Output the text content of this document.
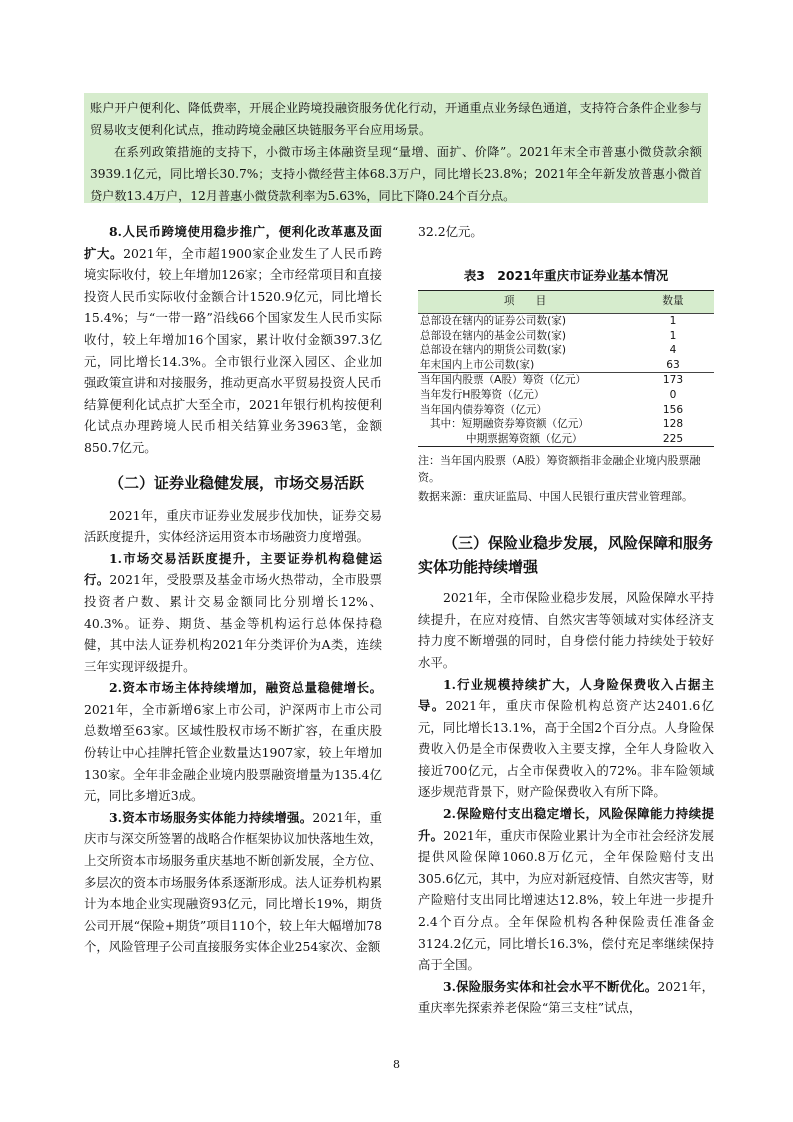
账户开户便利化、降低费率，开展企业跨境投融资服务优化行动，开通重点业务绿色通道，支持符合条件企业参与贸易收支便利化试点，推动跨境金融区块链服务平台应用场景。

在系列政策措施的支持下，小微市场主体融资呈现“量增、面扩、价降”。2021年末全市普惠小微贷款余额3939.1亿元，同比增长30.7%；支持小微经营主体68.3万户，同比增长23.8%；2021年全年新发放普惠小微首贷户数13.4万户，12月普惠小微贷款利率为5.63%，同比下降0.24个百分点。

8.人民币跨境使用稳步推广，便利化改革惠及面扩大。2021年，全市超1900家企业发生了人民币跨境实际收付，较上年增加126家；全市经常项目和直接投资人民币实际收付金额合计1520.9亿元，同比增长15.4%；与“一带一路”沿线66个国家发生人民币实际收付，较上年增加16个国家，累计收付金额397.3亿元，同比增长14.3%。全市银行业深入园区、企业加强政策宣讲和对接服务，推动更高水平贸易投资人民币结算便利化试点扩大至全市，2021年银行机构按便利化试点办理跨境人民币相关结算业务3963笔，金额850.7亿元。

（二）证券业稳健发展，市场交易活跃

2021年，重庆市证券业发展步伐加快，证券交易活跃度提升，实体经济运用资本市场融资力度增强。

1.市场交易活跃度提升，主要证券机构稳健运行。2021年，受股票及基金市场火热带动，全市股票投资者户数、累计交易金额同比分别增长12%、40.3%。证券、期货、基金等机构运行总体保持稳健，其中法人证券机构2021年分类评价为A类，连续三年实现评级提升。

2.资本市场主体持续增加，融资总量稳健增长。2021年，全市新增6家上市公司，沪深两市上市公司总数增至63家。区域性股权市场不断扩容，在重庆股份转让中心挂牌托管企业数量达1907家，较上年增加130家。全年非金融企业境内股票融资增量为135.4亿元，同比多增近3成。

3.资本市场服务实体能力持续增强。2021年，重庆市与深交所签署的战略合作框架协议加快落地生效，上交所资本市场服务重庆基地不断创新发展，全方位、多层次的资本市场服务体系逐渐形成。法人证券机构累计为本地企业实现融资93亿元，同比增长19%，期货公司开展“保险+期货”项目110个，较上年大幅增加78个，风险管理子公司直接服务实体企业254家次、金额

32.2亿元。

表3　2021年重庆市证券业基本情况
项　　目	数量
总部设在辖内的证券公司数(家)	1
总部设在辖内的基金公司数(家)	1
总部设在辖内的期货公司数(家)	4
年末国内上市公司数(家)	63
当年国内股票（A股）筹资（亿元）	173
当年发行H股筹资（亿元）	0
当年国内债券筹资（亿元）	156
其中：短期融资券筹资额（亿元）	128
中期票据筹资额（亿元）	225
注：当年国内股票（A股）筹资额指非金融企业境内股票融资。
数据来源：重庆证监局、中国人民银行重庆营业管理部。
（三）保险业稳步发展，风险保障和服务实体功能持续增强

2021年，全市保险业稳步发展，风险保障水平持续提升，在应对疫情、自然灾害等领域对实体经济支持力度不断增强的同时，自身偿付能力持续处于较好水平。

1.行业规模持续扩大，人身险保费收入占据主导。2021年，重庆市保险机构总资产达2401.6亿元，同比增长13.1%，高于全国2个百分点。人身险保费收入仍是全市保费收入主要支撑，全年人身险收入接近700亿元，占全市保费收入的72%。非车险领域逐步规范背景下，财产险保费收入有所下降。

2.保险赔付支出稳定增长，风险保障能力持续提升。2021年，重庆市保险业累计为全市社会经济发展提供风险保障1060.8万亿元，全年保险赔付支出305.6亿元，其中，为应对新冠疫情、自然灾害等，财产险赔付支出同比增速达12.8%，较上年进一步提升2.4个百分点。全年保险机构各种保险责任准备金3124.2亿元，同比增长16.3%，偿付充足率继续保持高于全国。

3.保险服务实体和社会水平不断优化。2021年，重庆率先探索养老保险“第三支柱”试点，

8
